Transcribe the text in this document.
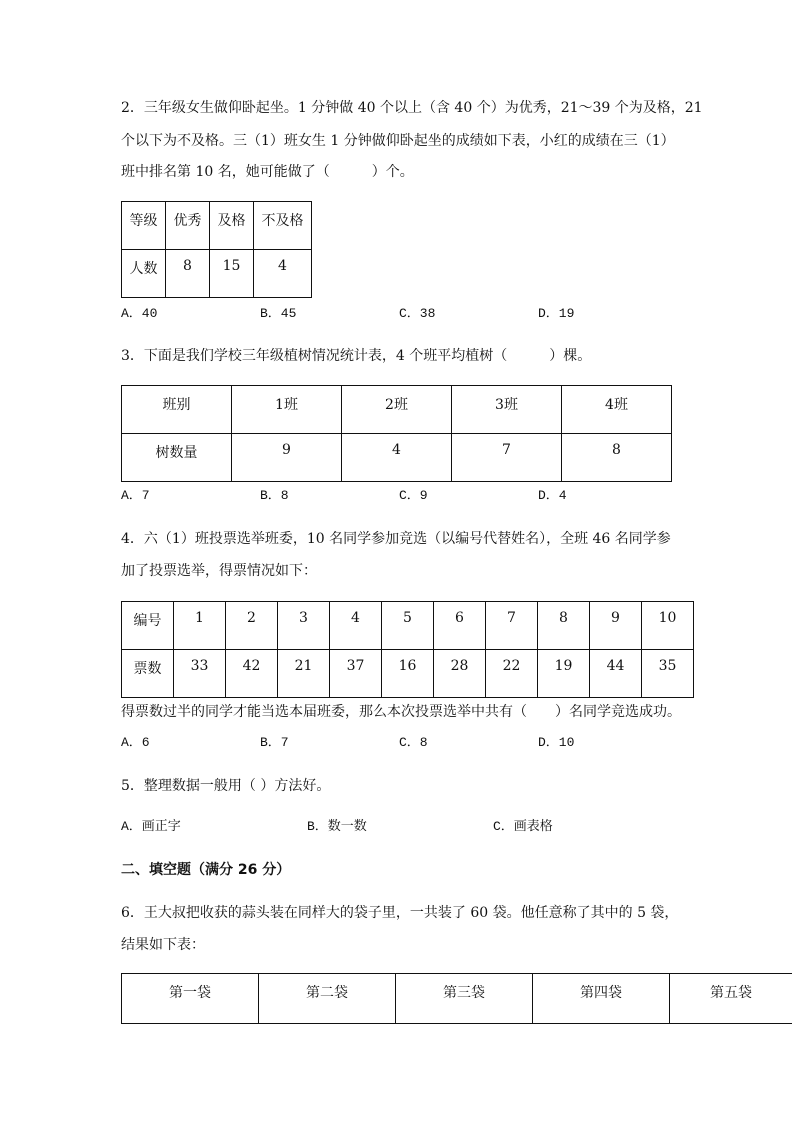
2．三年级女生做仰卧起坐。1 分钟做 40 个以上（含 40 个）为优秀，21～39 个为及格，21
个以下为不及格。三（1）班女生 1 分钟做仰卧起坐的成绩如下表，小红的成绩在三（1）
班中排名第 10 名，她可能做了（　　　）个。
等级	优秀	及格	不及格
人数	8	15	4
A．40	B．45	C．38	D．19
3．下面是我们学校三年级植树情况统计表，4 个班平均植树（　　　）棵。
班别	1班	2班	3班	4班
树数量	9	4	7	8
A．7	B．8	C．9	D．4
4．六（1）班投票选举班委，10 名同学参加竞选（以编号代替姓名），全班 46 名同学参
加了投票选举，得票情况如下：
编号	1	2	3	4	5	6	7	8	9	10
票数	33	42	21	37	16	28	22	19	44	35
得票数过半的同学才能当选本届班委，那么本次投票选举中共有（　　）名同学竞选成功。
A．6	B．7	C．8	D．10
5．整理数据一般用（ ）方法好。
A．画正字	B．数一数	C．画表格
二、填空题（满分 26 分）
6．王大叔把收获的蒜头装在同样大的袋子里，一共装了 60 袋。他任意称了其中的 5 袋，
结果如下表：
第一袋	第二袋	第三袋	第四袋	第五袋
